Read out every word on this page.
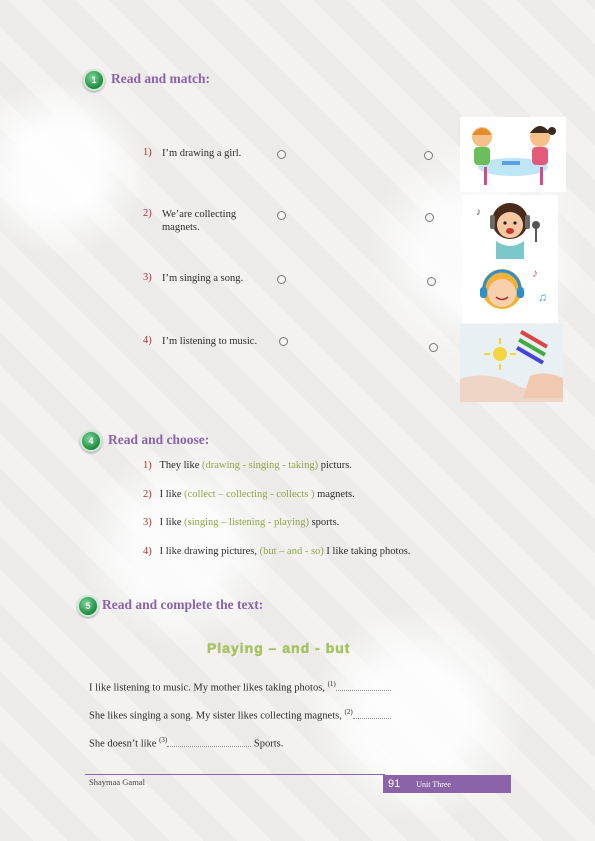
1	Read and match:
1) I’m drawing a girl.
2) We’are collecting magnets.
3) I’m singing a song.
4) I’m listening to music.
♪
♪
♫
4	Read and choose:
1) They like (drawing - singing - taking) picturs.
2) I like (collect – collecting - collects ) magnets.
3) I like (singing – listening - playing) sports.
4) I like drawing pictures, (but – and - so) I like taking photos.
5 Read and complete the text:
Playing – and - but
I like listening to music. My mother likes taking photos, $^{(1)}$
She likes singing a song. My sister likes collecting magnets, $^{(2)}$
She doesn’t like $^{(3)}$	Sports.
Shaymaa Gamal	91 Unit Three
